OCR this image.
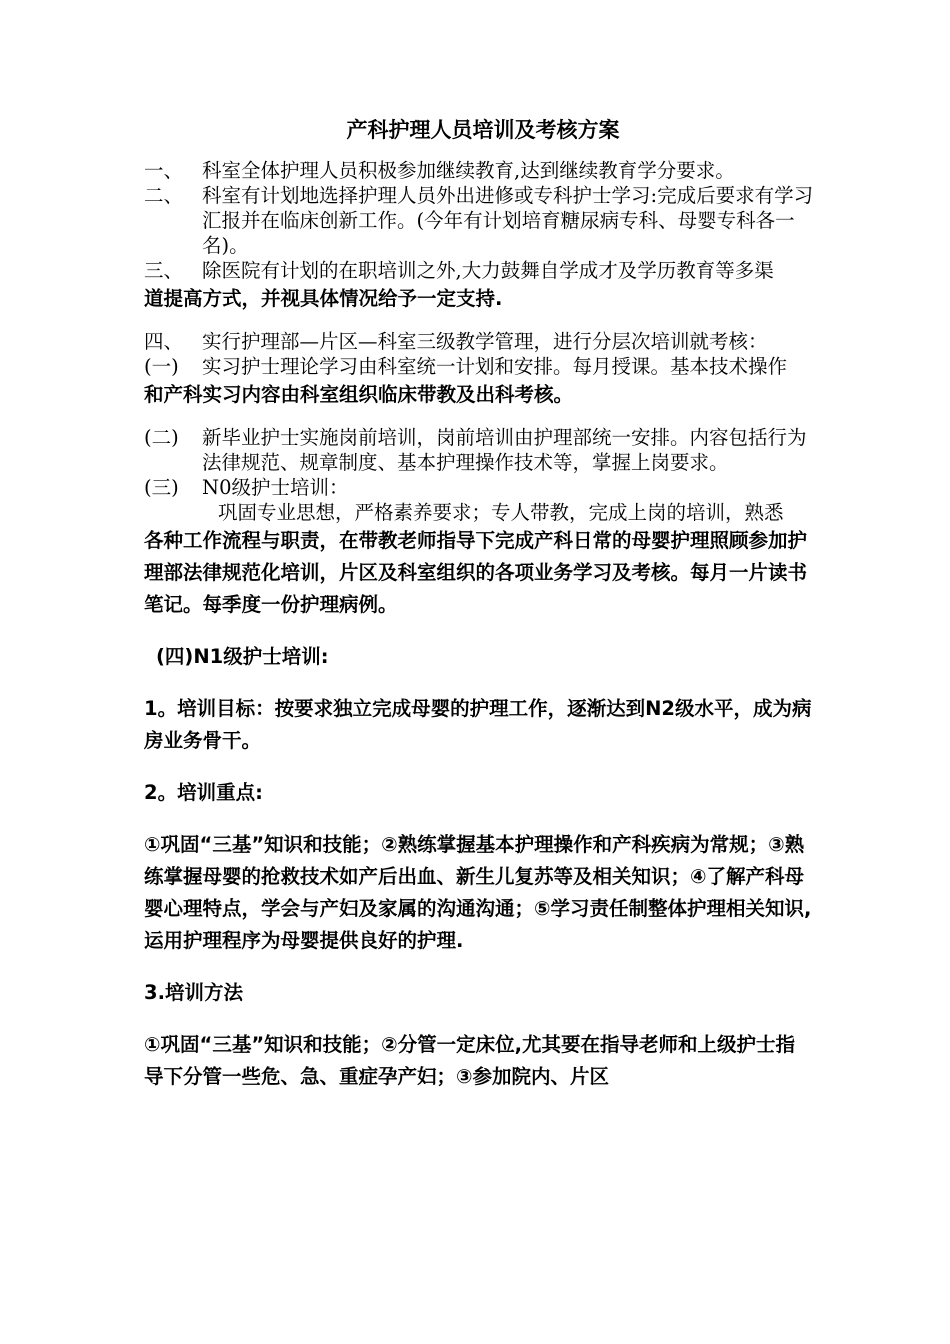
产科护理人员培训及考核方案

一、 科室全体护理人员积极参加继续教育,达到继续教育学分要求。

二、 科室有计划地选择护理人员外出进修或专科护士学习:完成后要求有学习汇报并在临床创新工作。(今年有计划培育糖尿病专科、母婴专科各一名)。

三、 除医院有计划的在职培训之外,大力鼓舞自学成才及学历教育等多渠

道提高方式，并视具体情况给予一定支持.

四、 实行护理部—片区—科室三级教学管理，进行分层次培训就考核：

(一) 实习护士理论学习由科室统一计划和安排。每月授课。基本技术操作

和产科实习内容由科室组织临床带教及出科考核。

(二) 新毕业护士实施岗前培训，岗前培训由护理部统一安排。内容包括行为法律规范、规章制度、基本护理操作技术等，掌握上岗要求。

(三) N0级护士培训：

巩固专业思想，严格素养要求；专人带教，完成上岗的培训，熟悉

各种工作流程与职责，在带教老师指导下完成产科日常的母婴护理照顾参加护理部法律规范化培训，片区及科室组织的各项业务学习及考核。每月一片读书笔记。每季度一份护理病例。

(四)N1级护士培训:

1。培训目标：按要求独立完成母婴的护理工作，逐渐达到N2级水平，成为病房业务骨干。

2。培训重点:

①巩固“三基”知识和技能；②熟练掌握基本护理操作和产科疾病为常规；③熟练掌握母婴的抢救技术如产后出血、新生儿复苏等及相关知识；④了解产科母婴心理特点，学会与产妇及家属的沟通沟通；⑤学习责任制整体护理相关知识,运用护理程序为母婴提供良好的护理.

3.培训方法

①巩固“三基”知识和技能；②分管一定床位,尤其要在指导老师和上级护士指导下分管一些危、急、重症孕产妇；③参加院内、片区
